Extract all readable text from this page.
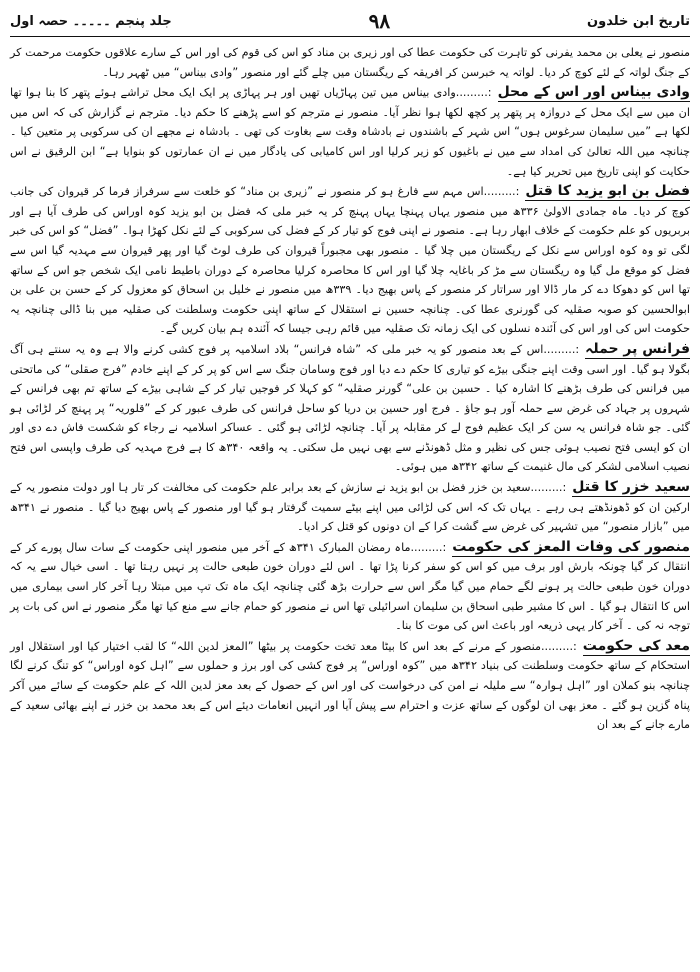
تاریخ ابن خلدون
۹۸
جلد پنجم ۔۔۔۔۔ حصہ اول

منصور نے یعلی بن محمد یفرنی کو تاہرت کی حکومت عطا کی اور زیری بن مناد کو اس کی قوم کی اور اس کے سارے علاقوں حکومت مرحمت کر کے جنگ لواتہ کے لئے کوچ کر دیا۔ لواتہ یہ خبرسن کر افریقہ کے ریگستان میں چلے گئے اور منصور ”وادی بیناس“ میں ٹھہر رہا۔

وادی بیناس اور اس کے محل:.........وادی بیناس میں تین پہاڑیاں تھیں اور ہر پہاڑی پر ایک ایک محل تراشے ہوئے پتھر کا بنا ہوا تھا ان میں سے ایک محل کے دروازہ پر پتھر پر کچھ لکھا ہوا نظر آیا۔ منصور نے مترجم کو اسے پڑھنے کا حکم دیا۔ مترجم نے گزارش کی کہ اس میں لکھا ہے ”میں سلیمان سرغوس ہوں“ اس شہر کے باشندوں نے بادشاہ وقت سے بغاوت کی تھی ۔ بادشاہ نے مجھے ان کی سرکوبی پر متعین کیا ۔ چنانچہ میں اللہ تعالیٰ کی امداد سے میں نے باغیوں کو زیر کرلیا اور اس کامیابی کی یادگار میں نے ان عمارتوں کو بنوایا ہے“ ابن الرقیق نے اس حکایت کو اپنی تاریخ میں تحریر کیا ہے۔

فضل بن ابو یزید کا قتل:.........اس مہم سے فارغ ہو کر منصور نے ”زیری بن مناد“ کو خلعت سے سرفراز فرما کر قیروان کی جانب کوچ کر دیا۔ ماہ جمادی الاولیٰ ۳۳۶ھ میں منصور یہاں پہنچا یہاں پہنچ کر یہ خبر ملی کہ فضل بن ابو یزید کوہ اوراس کی طرف آیا ہے اور بربریوں کو علم حکومت کے خلاف ابھار رہا ہے۔ منصور نے اپنی فوج کو تیار کر کے فضل کی سرکوبی کے لئے نکل کھڑا ہوا۔ ”فضل“ کو اس کی خبر لگی تو وہ کوہ اوراس سے نکل کے ریگستان میں چلا گیا ۔ منصور بھی مجبوراً قیروان کی طرف لوٹ گیا اور پھر قیروان سے مہدیہ گیا اس سے فضل کو موقع مل گیا وہ ریگستان سے مڑ کر باغایہ چلا گیا اور اس کا محاصرہ کرلیا محاصرہ کے دوران باطیط نامی ایک شخص جو اس کے ساتھ تھا اس کو دھوکا دے کر مار ڈالا اور سراتار کر منصور کے پاس بھیج دیا۔ ۳۳۹ھ میں منصور نے خلیل بن اسحاق کو معزول کر کے حسن بن علی بن ابوالحسین کو صوبہ صقلیہ کی گورنری عطا کی۔ چنانچہ حسین نے استقلال کے ساتھ اپنی حکومت وسلطنت کی صقلیہ میں بنا ڈالی چنانچہ یہ حکومت اس کی اور اس کی آئندہ نسلوں کی ایک زمانہ تک صقلیہ میں قائم رہی جیسا کہ آئندہ ہم بیان کریں گے۔

فرانس پر حملہ:.........اس کے بعد منصور کو یہ خبر ملی کہ ”شاہ فرانس“ بلاد اسلامیہ پر فوج کشی کرنے والا ہے وہ یہ سنتے ہی آگ بگولا ہو گیا۔ اور اسی وقت اپنے جنگی بیڑے کو تیاری کا حکم دے دیا اور فوج وسامان جنگ سے اس کو پر کر کے اپنے خادم ”فرج صقلی“ کی ماتحتی میں فرانس کی طرف بڑھنے کا اشارہ کیا ۔ حسین بن علی“ گورنر صقلیہ“ کو کہلا کر فوجیں تیار کر کے شاہی بیڑے کے ساتھ تم بھی فرانس کے شہروں پر جہاد کی غرض سے حملہ آور ہو جاؤ ۔ فرج اور حسین بن دریا کو ساحل فرانس کی طرف عبور کر کے ”قلوریہ“ پر پہنچ کر لڑائی ہو گئی۔ جو شاہ فرانس یہ سن کر ایک عظیم فوج لے کر مقابلہ پر آیا۔ چنانچہ لڑائی ہو گئی ۔ عساکر اسلامیہ نے رجاء کو شکست فاش دے دی اور ان کو ایسی فتح نصیب ہوئی جس کی نظیر و مثل ڈھونڈنے سے بھی نہیں مل سکتی۔ یہ واقعہ ۳۴۰ھ کا ہے فرج مہدیہ کی طرف واپسی اس فتح نصیب اسلامی لشکر کی مال غنیمت کے ساتھ ۳۴۲ھ میں ہوئی۔

سعید خزر کا قتل:.........سعید بن خزر فضل بن ابو یزید نے سازش کے بعد برابر علم حکومت کی مخالفت کر تار ہا اور دولت منصور یہ کے ارکین ان کو ڈھونڈھتے ہی رہے ۔ یہاں تک کہ اس کی لڑائی میں اپنے بیٹے سمیت گرفتار ہو گیا اور منصور کے پاس بھیج دیا گیا ۔ منصور نے ۳۴۱ھ میں ”بازار منصور“ میں تشہیر کی غرض سے گشت کرا کے ان دونوں کو قتل کر ادیا۔

منصور کی وفات المعز کی حکومت:.........ماہ رمضان المبارک ۳۴۱ھ کے آخر میں منصور اپنی حکومت کے سات سال پورے کر کے انتقال کر گیا چونکہ بارش اور برف میں کو اس کو سفر کرنا پڑا تھا ۔ اس لئے دوران خون طبعی حالت پر نہیں رہتا تھا ۔ اسی خیال سے یہ کہ دوران خون طبعی حالت پر ہونے لگے حمام میں گیا مگر اس سے حرارت بڑھ گئی چنانچہ ایک ماہ تک تپ میں مبتلا رہا آخر کار اسی بیماری میں اس کا انتقال ہو گیا ۔ اس کا مشیر طبی اسحاق بن سلیمان اسرائیلی تھا اس نے منصور کو حمام جانے سے منع کیا تھا مگر منصور نے اس کی بات پر توجہ نہ کی ۔ آخر کار یہی ذریعہ اور باعث اس کی موت کا بنا۔

معد کی حکومت:.........منصور کے مرنے کے بعد اس کا بیٹا معد تخت حکومت پر بیٹھا ”المعز لدین اللہ“ کا لقب اختیار کیا اور استقلال اور استحکام کے ساتھ حکومت وسلطنت کی بنیاد ۳۴۲ھ میں ”کوہ اوراس“ پر فوج کشی کی اور برز و حملوں سے ”اہل کوہ اوراس“ کو تنگ کرنے لگا چنانچہ بنو کملان اور ”اہل ہوارہ“ سے ملیلہ نے امن کی درخواست کی اور اس کے حصول کے بعد معز لدین اللہ کے علم حکومت کے سائے میں آکر پناہ گزین ہو گئے ۔ معز بھی ان لوگوں کے ساتھ عزت و احترام سے پیش آیا اور انہیں انعامات دیئے اس کے بعد محمد بن خزر نے اپنے بھائی سعید کے مارے جانے کے بعد ان
